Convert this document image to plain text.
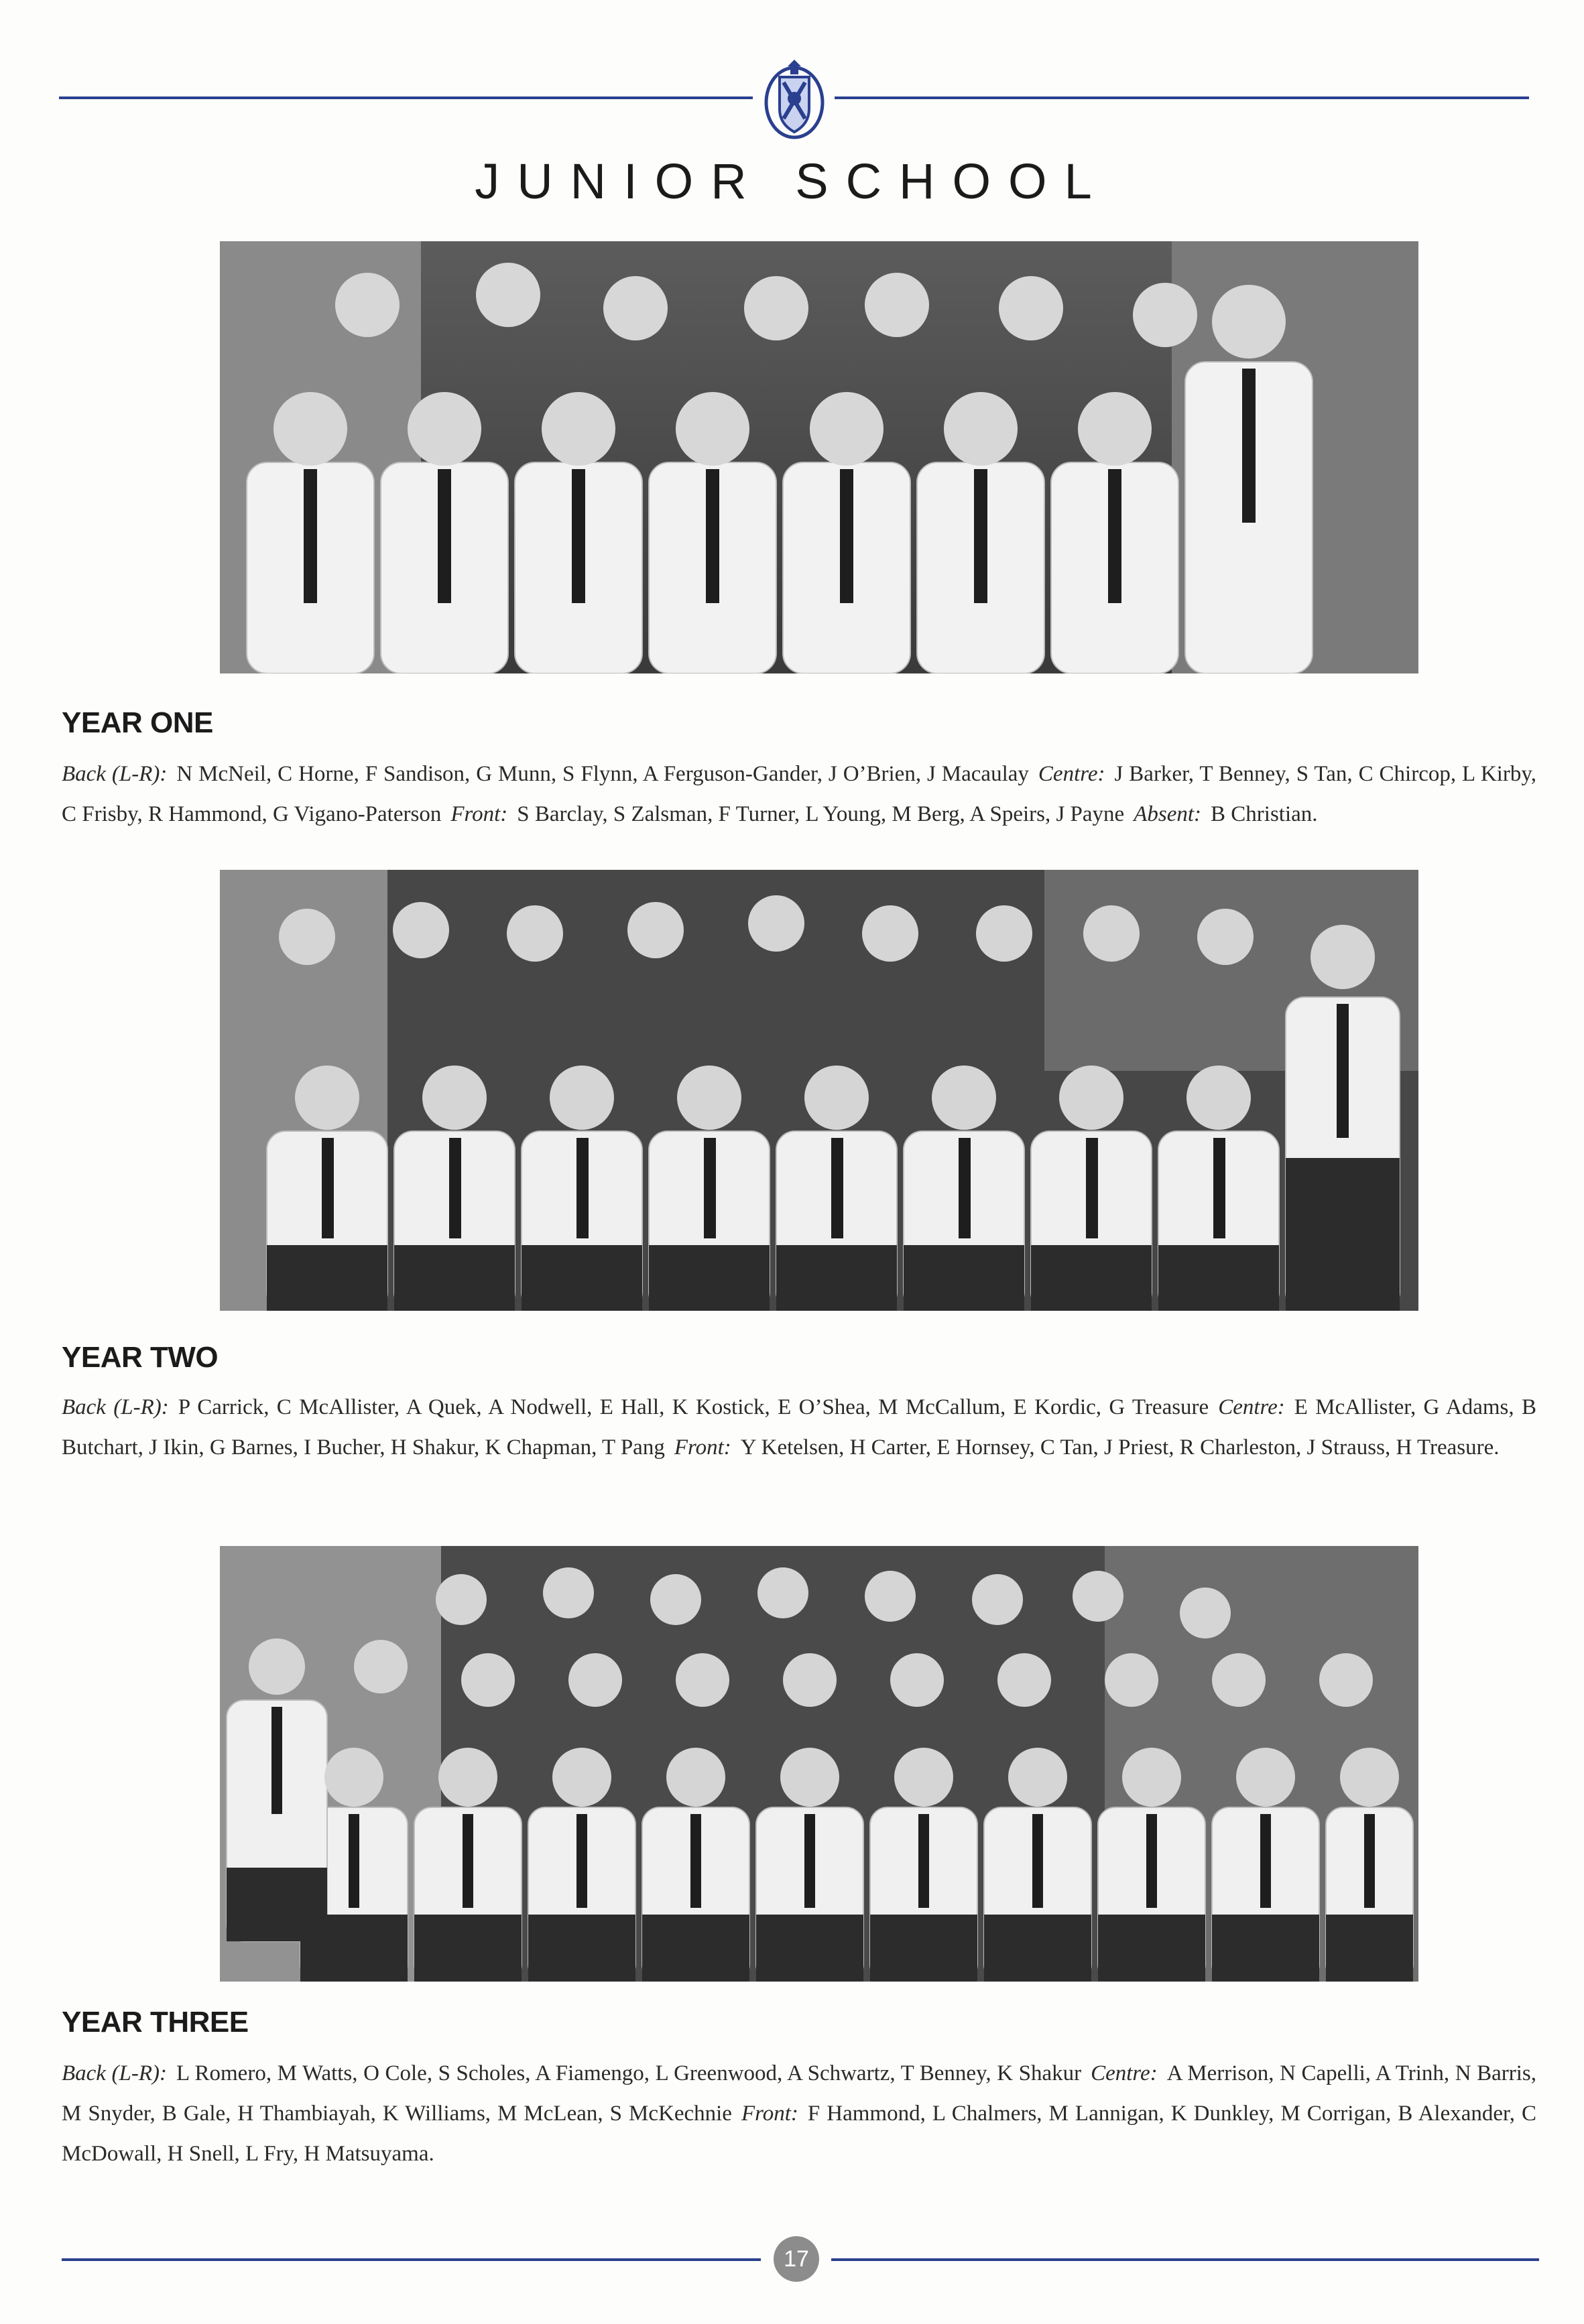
JUNIOR SCHOOL
YEAR ONE
Back (L-R): N McNeil, C Horne, F Sandison, G Munn, S Flynn, A Ferguson-Gander, J O’Brien, J Macaulay Centre: J Barker, T Benney, S Tan, C Chircop, L Kirby, C Frisby, R Hammond, G Vigano-Paterson Front: S Barclay, S Zalsman, F Turner, L Young, M Berg, A Speirs, J Payne Absent: B Christian.
YEAR TWO
Back (L-R): P Carrick, C McAllister, A Quek, A Nodwell, E Hall, K Kostick, E O’Shea, M McCallum, E Kordic, G Treasure Centre: E McAllister, G Adams, B Butchart, J Ikin, G Barnes, I Bucher, H Shakur, K Chapman, T Pang Front: Y Ketelsen, H Carter, E Hornsey, C Tan, J Priest, R Charleston, J Strauss, H Treasure.
YEAR THREE
Back (L-R): L Romero, M Watts, O Cole, S Scholes, A Fiamengo, L Greenwood, A Schwartz, T Benney, K Shakur Centre: A Merrison, N Capelli, A Trinh, N Barris, M Snyder, B Gale, H Thambiayah, K Williams, M McLean, S McKechnie Front: F Hammond, L Chalmers, M Lannigan, K Dunkley, M Corrigan, B Alexander, C McDowall, H Snell, L Fry, H Matsuyama.
17
